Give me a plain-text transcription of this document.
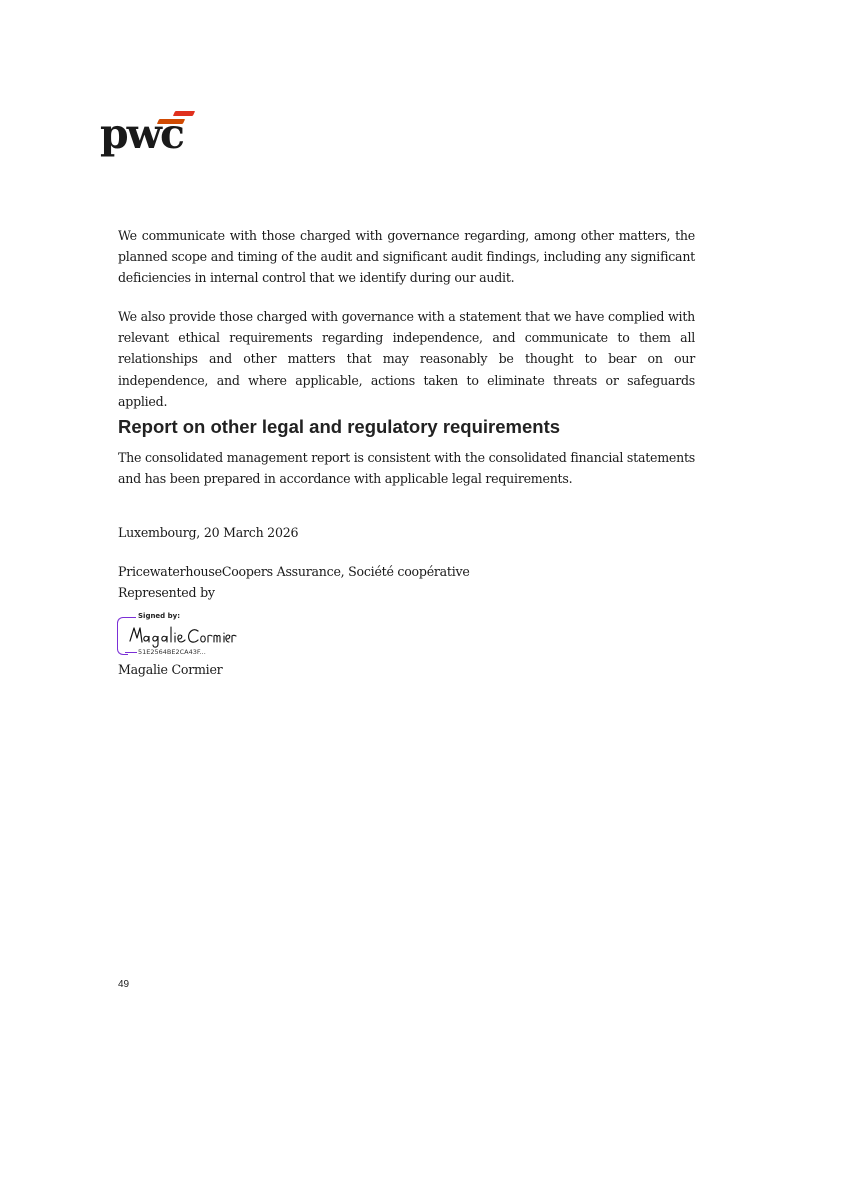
pwc

We communicate with those charged with governance regarding, among other matters, the planned scope and timing of the audit and significant audit findings, including any significant deficiencies in internal control that we identify during our audit.

We also provide those charged with governance with a statement that we have complied with relevant ethical requirements regarding independence, and communicate to them all relationships and other matters that may reasonably be thought to bear on our independence, and where applicable, actions taken to eliminate threats or safeguards applied.

Report on other legal and regulatory requirements

The consolidated management report is consistent with the consolidated financial statements and has been prepared in accordance with applicable legal requirements.

Luxembourg, 20 March 2026

PricewaterhouseCoopers Assurance, Société coopérative

Represented by

Signed by:
51E2564BE2CA43F...

Magalie Cormier

49
